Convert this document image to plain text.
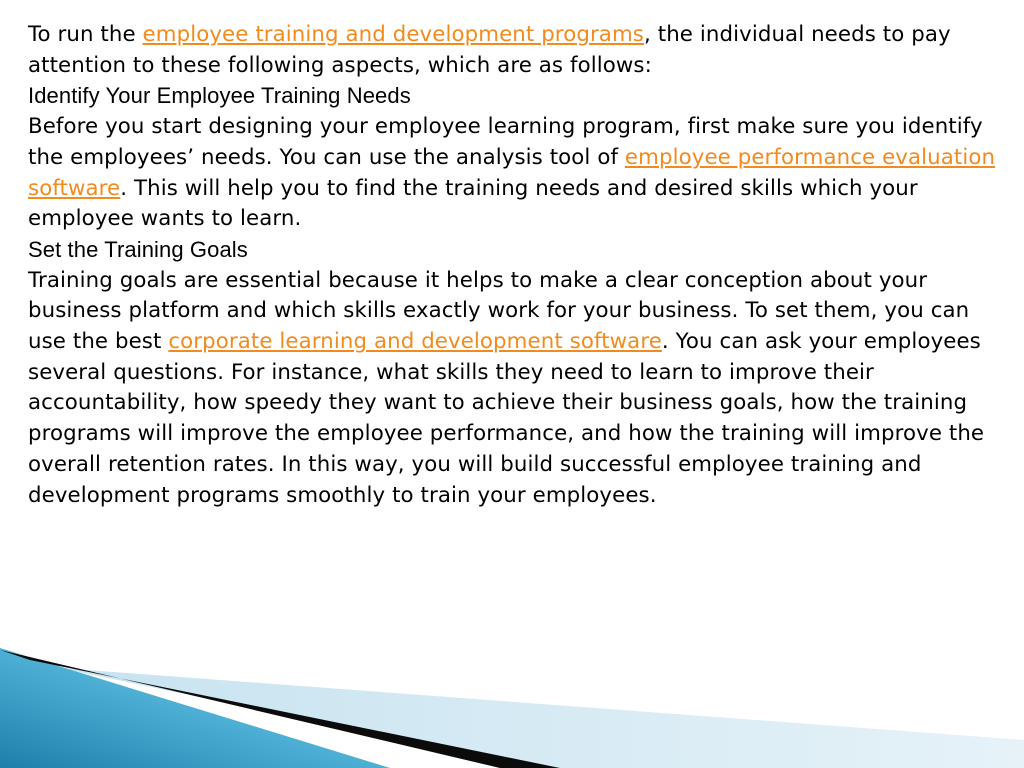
To run the employee training and development programs, the individual needs to pay attention to these following aspects, which are as follows:

Identify Your Employee Training Needs

Before you start designing your employee learning program, first make sure you identify the employees’ needs. You can use the analysis tool of employee performance evaluation software. This will help you to find the training needs and desired skills which your employee wants to learn.

Set the Training Goals

Training goals are essential because it helps to make a clear conception about your business platform and which skills exactly work for your business. To set them, you can use the best corporate learning and development software. You can ask your employees several questions. For instance, what skills they need to learn to improve their accountability, how speedy they want to achieve their business goals, how the training programs will improve the employee performance, and how the training will improve the overall retention rates. In this way, you will build successful employee training and development programs smoothly to train your employees.
